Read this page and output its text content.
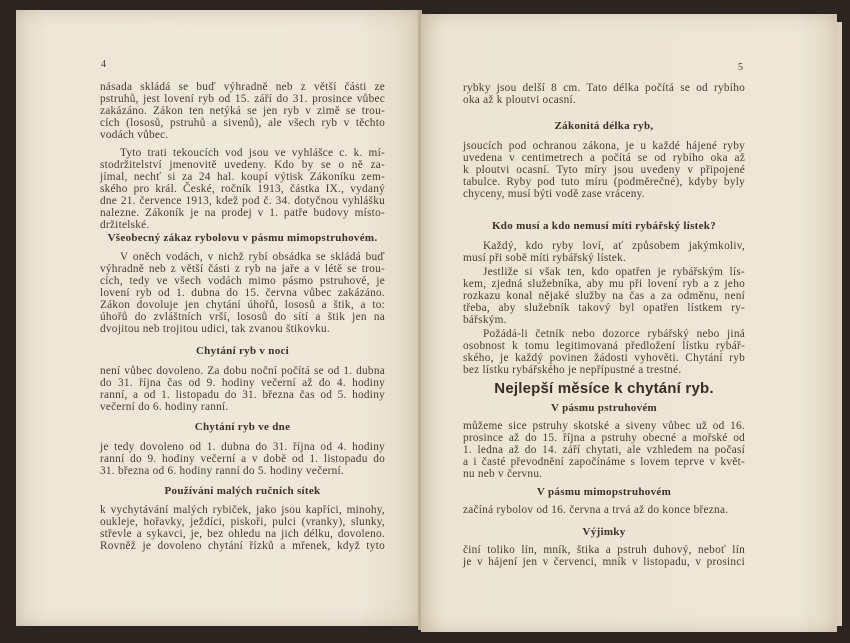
4	5
násada skládá se buď výhradně neb z větší části ze
pstruhů, jest lovení ryb od 15. září do 31. prosince vůbec
zakázáno. Zákon ten netýká se jen ryb v zimě se trou-
cích (lososů, pstruhů a sivenů), ale všech ryb v těchto
vodách vůbec.
Tyto trati tekoucích vod jsou ve vyhlášce c. k. mí-
stodržitelství jmenovitě uvedeny. Kdo by se o ně za-
jímal, nechť si za 24 hal. koupí výtisk Zákoníku zem-
ského pro král. České, ročník 1913, částka IX., vydaný
dne 21. července 1913, kdež pod č. 34. dotyčnou vyhlášku
nalezne. Zákoník je na prodej v 1. patře budovy místo-
držitelské.
Všeobecný zákaz rybolovu v pásmu mimopstruhovém.
V oněch vodách, v nichž rybí obsádka se skládá buď
výhradně neb z větší části z ryb na jaře a v létě se trou-
cích, tedy ve všech vodách mimo pásmo pstruhové, je
lovení ryb od 1. dubna do 15. června vůbec zakázáno.
Zákon dovoluje jen chytání úhořů, lososů a štik, a to:
úhořů do zvláštních vrší, lososů do sítí a štik jen na
dvojitou neb trojitou udici, tak zvanou štikovku.
Chytání ryb v noci
není vůbec dovoleno. Za dobu noční počítá se od 1. dubna
do 31. října čas od 9. hodiny večerní až do 4. hodiny
ranní, a od 1. listopadu do 31. března čas od 5. hodiny
večerní do 6. hodiny ranní.
Chytání ryb ve dne
je tedy dovoleno od 1. dubna do 31. října od 4. hodiny
ranní do 9. hodiny večerní a v době od 1. listopadu do
31. března od 6. hodiny ranní do 5. hodiny večerní.
Používání malých ručních sítek
k vychytávání malých rybiček, jako jsou kapříci, minohy,
oukleje, hořavky, ježdíci, piskoři, pulci (vranky), slunky,
střevle a sykavci, je, bez ohledu na jich délku, dovoleno.
Rovněž je dovoleno chytání řízků a mřenek, když tyto
rybky jsou delší 8 cm. Tato délka počítá se od rybího
oka až k ploutvi ocasní.
Zákonitá délka ryb,
jsoucích pod ochranou zákona, je u každé hájené ryby
uvedena v centimetrech a počítá se od rybího oka až
k ploutvi ocasní. Tyto míry jsou uvedeny v připojené
tabulce. Ryby pod tuto míru (podměrečné), kdyby byly
chyceny, musí býti vodě zase vráceny.
Kdo musí a kdo nemusí míti rybářský lístek?
Každý, kdo ryby loví, ať způsobem jakýmkoliv,
musí při sobě míti rybářský lístek.
Jestliže si však ten, kdo opatřen je rybářským lís-
kem, zjedná služebníka, aby mu při lovení ryb a z jeho
rozkazu konal nějaké služby na čas a za odměnu, není
třeba, aby služebník takový byl opatřen lístkem ry-
bářským.
Požádá-li četník nebo dozorce rybářský nebo jiná
osobnost k tomu legitimovaná předložení lístku rybář-
ského, je každý povinen žádosti vyhověti. Chytání ryb
bez lístku rybářského je nepřípustné a trestné.
Nejlepší měsíce k chytání ryb.
V pásmu pstruhovém
můžeme sice pstruhy skotské a siveny vůbec už od 16.
prosince až do 15. října a pstruhy obecné a mořské od
1. ledna až do 14. září chytati, ale vzhledem na počasí
a i časté převodnění započínáme s lovem teprve v květ-
nu neb v červnu.
V pásmu mimopstruhovém
začíná rybolov od 16. června a trvá až do konce března.
Výjimky
činí toliko lín, mník, štika a pstruh duhový, neboť lín
je v hájení jen v červenci, mník v listopadu, v prosinci
